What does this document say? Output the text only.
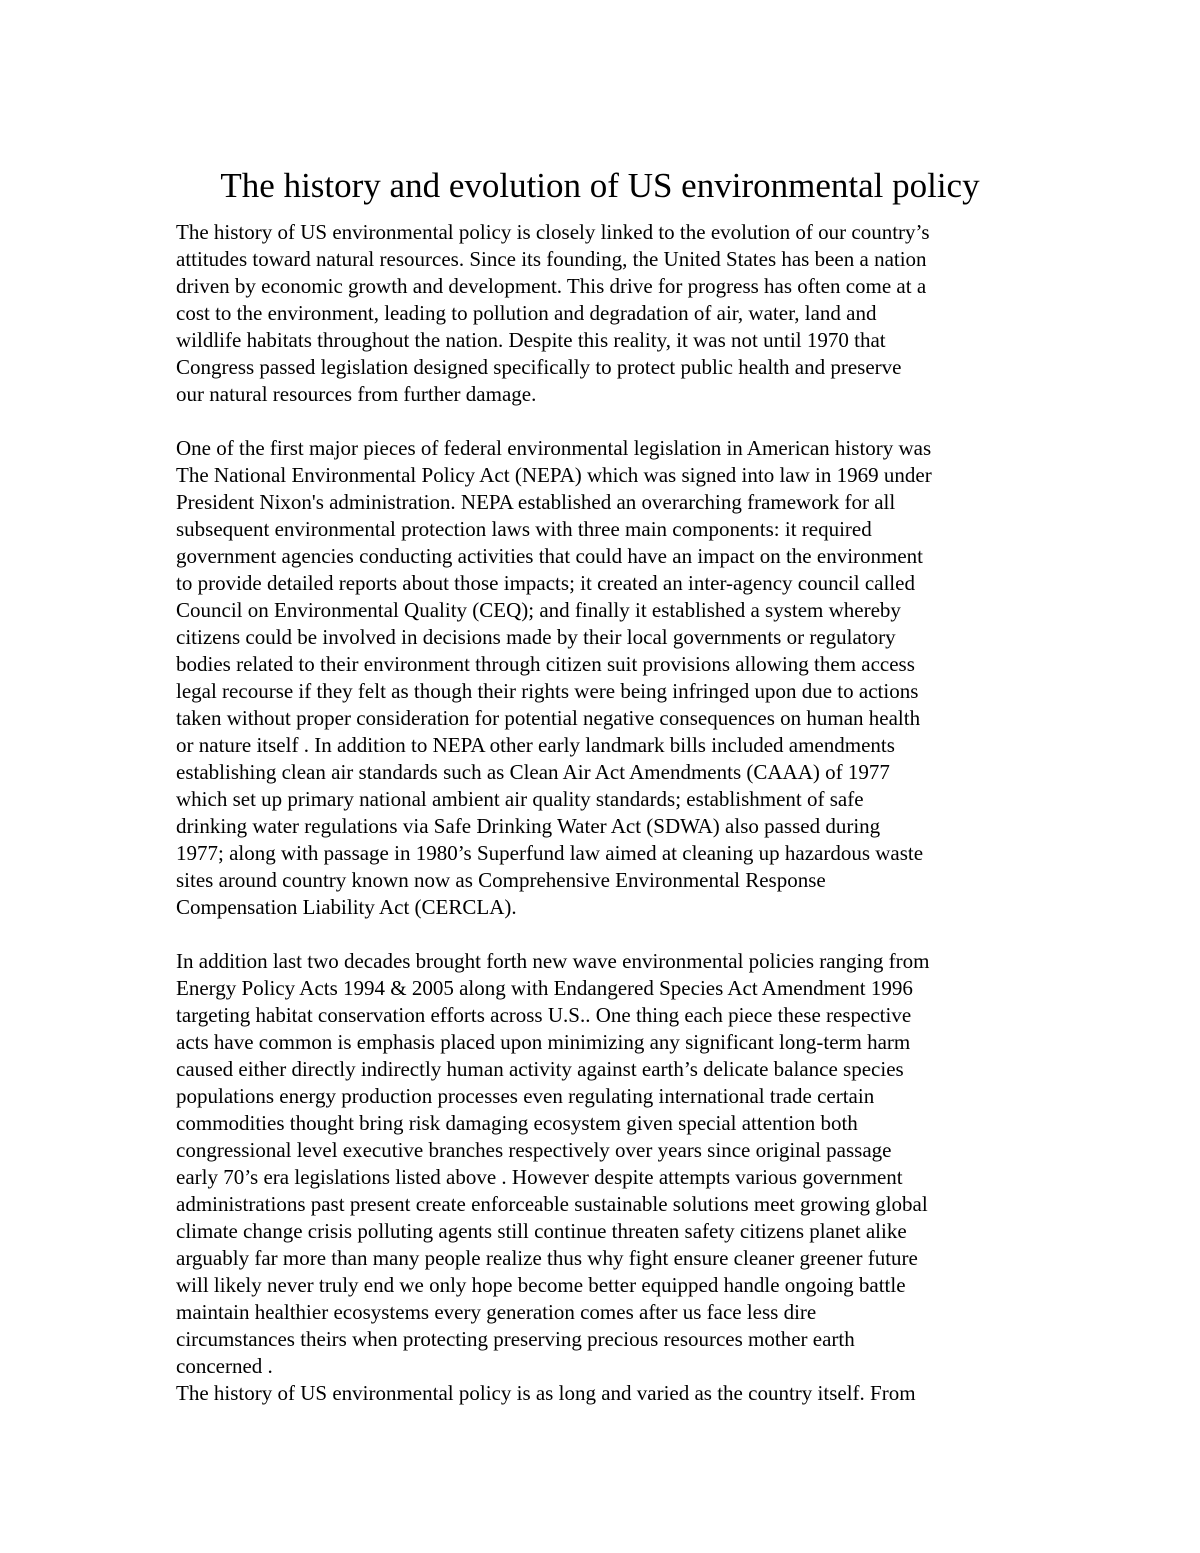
The history and evolution of US environmental policy
The history of US environmental policy is closely linked to the evolution of our country’s
attitudes toward natural resources. Since its founding, the United States has been a nation
driven by economic growth and development. This drive for progress has often come at a
cost to the environment, leading to pollution and degradation of air, water, land and
wildlife habitats throughout the nation. Despite this reality, it was not until 1970 that
Congress passed legislation designed specifically to protect public health and preserve
our natural resources from further damage.
One of the first major pieces of federal environmental legislation in American history was
The National Environmental Policy Act (NEPA) which was signed into law in 1969 under
President Nixon's administration. NEPA established an overarching framework for all
subsequent environmental protection laws with three main components: it required
government agencies conducting activities that could have an impact on the environment
to provide detailed reports about those impacts; it created an inter-agency council called
Council on Environmental Quality (CEQ); and finally it established a system whereby
citizens could be involved in decisions made by their local governments or regulatory
bodies related to their environment through citizen suit provisions allowing them access
legal recourse if they felt as though their rights were being infringed upon due to actions
taken without proper consideration for potential negative consequences on human health
or nature itself . In addition to NEPA other early landmark bills included amendments
establishing clean air standards such as Clean Air Act Amendments (CAAA) of 1977
which set up primary national ambient air quality standards; establishment of safe
drinking water regulations via Safe Drinking Water Act (SDWA) also passed during
1977; along with passage in 1980’s Superfund law aimed at cleaning up hazardous waste
sites around country known now as Comprehensive Environmental Response
Compensation Liability Act (CERCLA).
In addition last two decades brought forth new wave environmental policies ranging from
Energy Policy Acts 1994 & 2005 along with Endangered Species Act Amendment 1996
targeting habitat conservation efforts across U.S.. One thing each piece these respective
acts have common is emphasis placed upon minimizing any significant long-term harm
caused either directly indirectly human activity against earth’s delicate balance species
populations energy production processes even regulating international trade certain
commodities thought bring risk damaging ecosystem given special attention both
congressional level executive branches respectively over years since original passage
early 70’s era legislations listed above . However despite attempts various government
administrations past present create enforceable sustainable solutions meet growing global
climate change crisis polluting agents still continue threaten safety citizens planet alike
arguably far more than many people realize thus why fight ensure cleaner greener future
will likely never truly end we only hope become better equipped handle ongoing battle
maintain healthier ecosystems every generation comes after us face less dire
circumstances theirs when protecting preserving precious resources mother earth
concerned .
The history of US environmental policy is as long and varied as the country itself. From
